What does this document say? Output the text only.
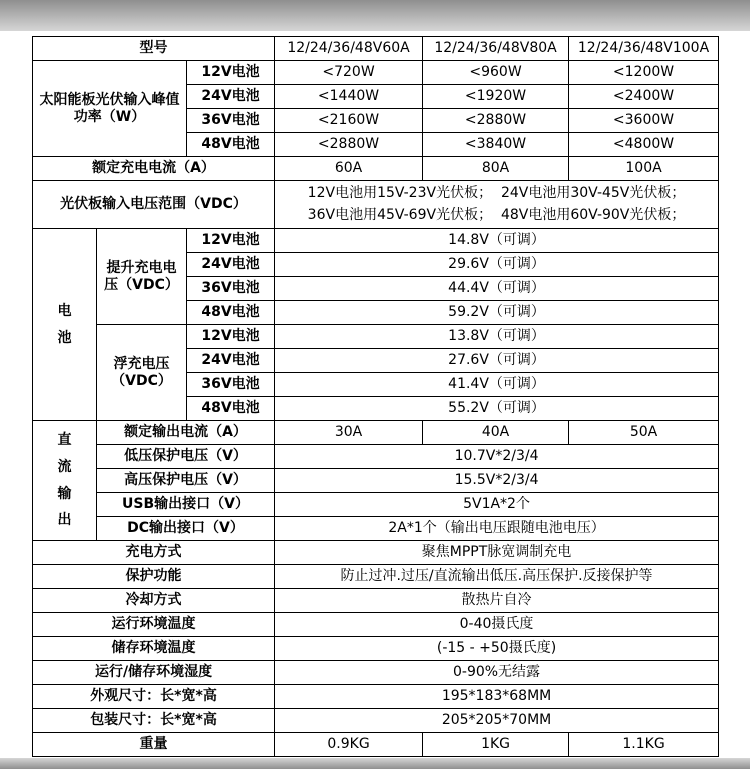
型号			12/24/36/48V60A	12/24/36/48V80A	12/24/36/48V100A
太阳能板光伏输入峰值功率（W）		12V电池	<720W	<960W	<1200W
		24V电池	<1440W	<1920W	<2400W
		36V电池	<2160W	<2880W	<3600W
		48V电池	<2880W	<3840W	<4800W
额定充电电流（A）			60A	80A	100A
光伏板输入电压范围（VDC）			12V电池用15V-23V光伏板；  24V电池用30V-45V光伏板；
36V电池用45V-69V光伏板；  48V电池用60V-90V光伏板；		

电池	提升充电电压（VDC）	12V电池	14.8V（可调）		
		24V电池	29.6V（可调）		
		36V电池	44.4V（可调）		
		48V电池	59.2V（可调）		
	浮充电压（VDC）	12V电池	13.8V（可调）		
		24V电池	27.6V（可调）		
		36V电池	41.4V（可调）		
		48V电池	55.2V（可调）		

直流输出	额定输出电流（A）		30A	40A	50A
	低压保护电压（V）		10.7V*2/3/4		
	高压保护电压（V）		15.5V*2/3/4		
	USB输出接口（V）		5V1A*2个		
	DC输出接口（V）		2A*1个（输出电压跟随电池电压）		
充电方式			聚焦MPPT脉宽调制充电		
保护功能			防止过冲.过压/直流输出低压.高压保护.反接保护等		
冷却方式			散热片自冷		
运行环境温度			0-40摄氏度		
储存环境温度			(-15 - +50摄氏度)		
运行/储存环境湿度			0-90%无结露		
外观尺寸：长*宽*高			195*183*68MM		
包装尺寸：长*宽*高			205*205*70MM		
重量			0.9KG	1KG	1.1KG
